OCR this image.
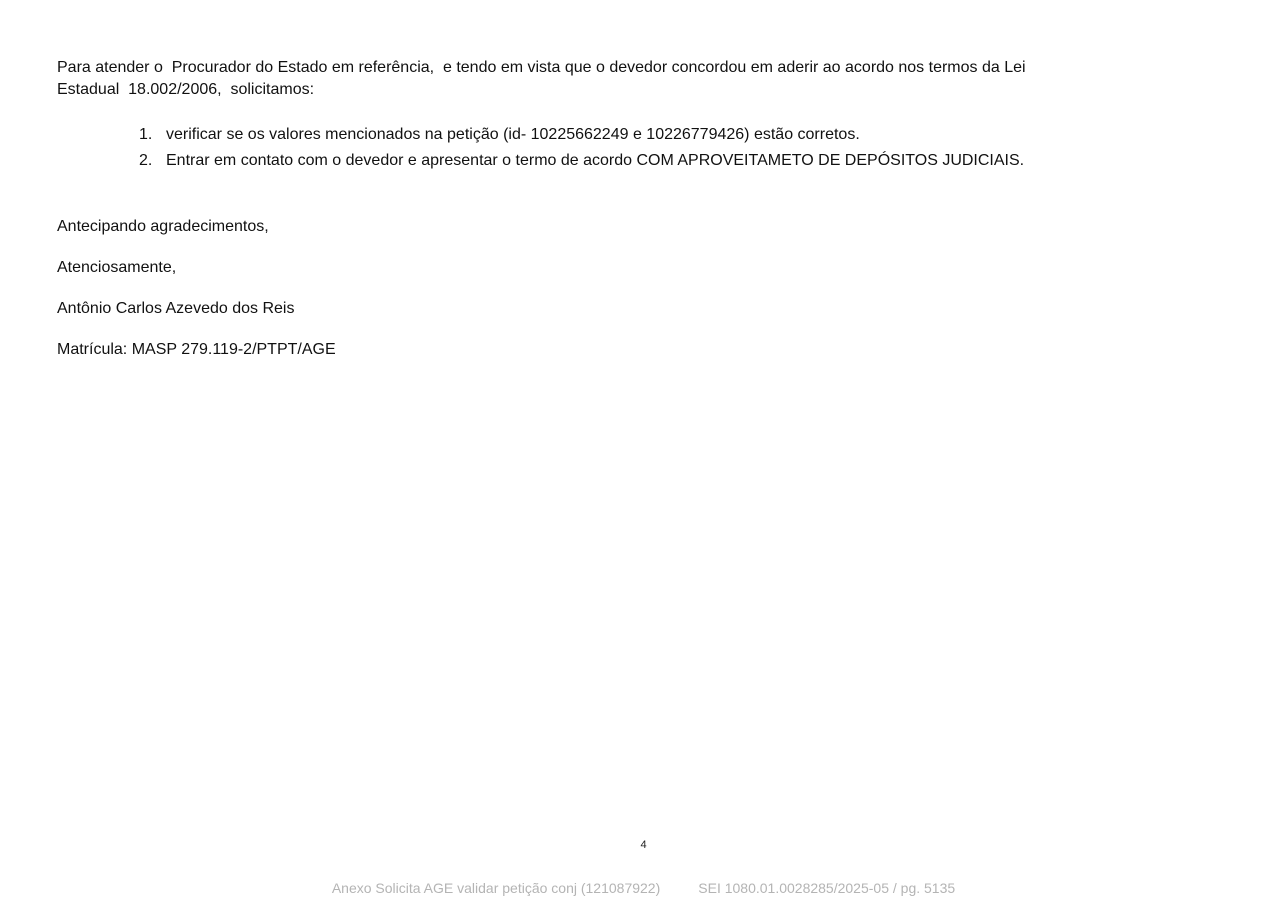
Para atender o  Procurador do Estado em referência,  e tendo em vista que o devedor concordou em aderir ao acordo nos termos da Lei
Estadual  18.002/2006,  solicitamos:
1. verificar se os valores mencionados na petição (id- 10225662249 e 10226779426) estão corretos.
2. Entrar em contato com o devedor e apresentar o termo de acordo COM APROVEITAMETO DE DEPÓSITOS JUDICIAIS.
Antecipando agradecimentos,
Atenciosamente,
Antônio Carlos Azevedo dos Reis
Matrícula: MASP 279.119-2/PTPT/AGE
4
Anexo Solicita AGE validar petição conj (121087922)	SEI 1080.01.0028285/2025-05 / pg. 5135
